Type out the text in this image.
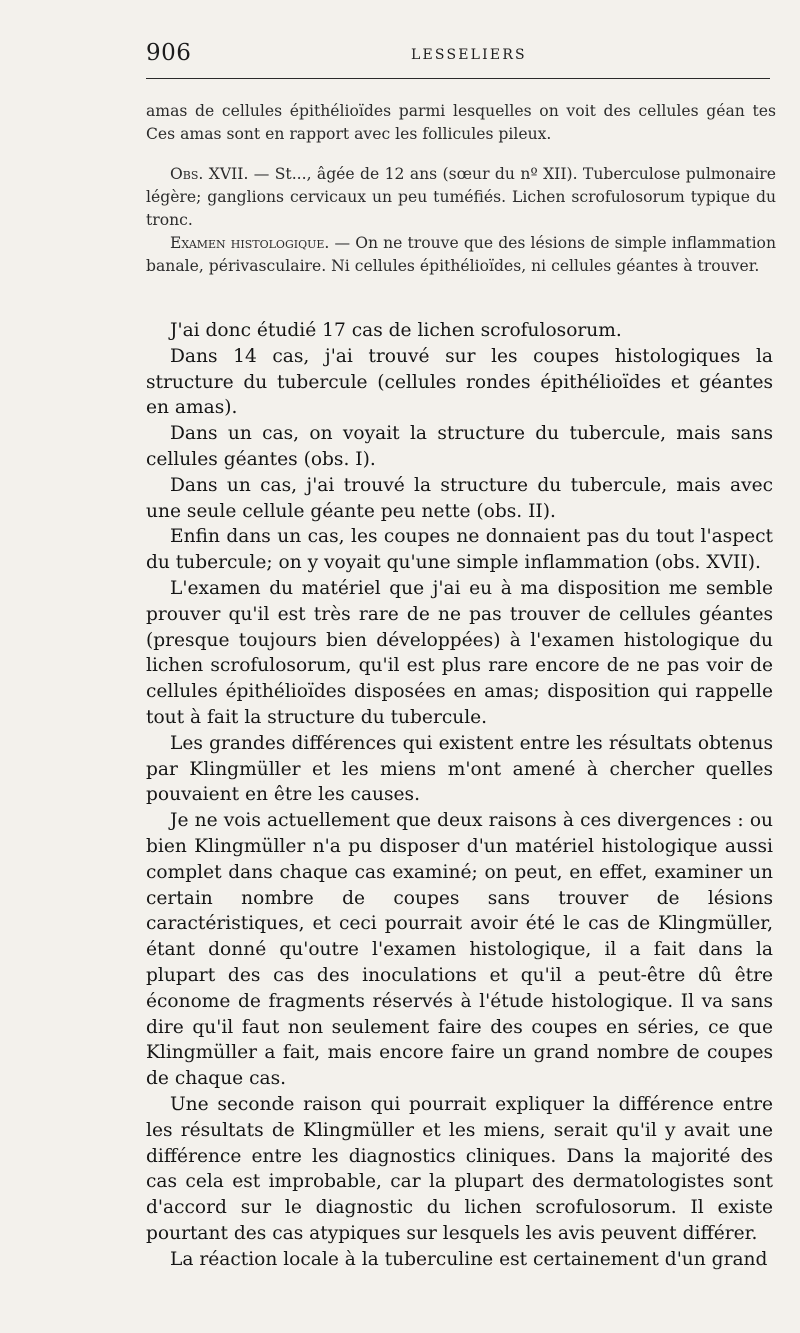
906	LESSELIERS

amas de cellules épithélioïdes parmi lesquelles on voit des cellules géan tes Ces amas sont en rapport avec les follicules pileux.

Obs. XVII. — St..., âgée de 12 ans (sœur du nº XII). Tuberculose pulmonaire légère; ganglions cervicaux un peu tuméfiés. Lichen scrofulosorum typique du tronc.

Examen histologique. — On ne trouve que des lésions de simple inflammation banale, périvasculaire. Ni cellules épithélioïdes, ni cellules géantes à trouver.

J'ai donc étudié 17 cas de lichen scrofulosorum.

Dans 14 cas, j'ai trouvé sur les coupes histologiques la structure du tubercule (cellules rondes épithélioïdes et géantes en amas).

Dans un cas, on voyait la structure du tubercule, mais sans cellules géantes (obs. I).

Dans un cas, j'ai trouvé la structure du tubercule, mais avec une seule cellule géante peu nette (obs. II).

Enfin dans un cas, les coupes ne donnaient pas du tout l'aspect du tubercule; on y voyait qu'une simple inflammation (obs. XVII).

L'examen du matériel que j'ai eu à ma disposition me semble prouver qu'il est très rare de ne pas trouver de cellules géantes (presque toujours bien développées) à l'examen histologique du lichen scrofulosorum, qu'il est plus rare encore de ne pas voir de cellules épithélioïdes disposées en amas; disposition qui rappelle tout à fait la structure du tubercule.

Les grandes différences qui existent entre les résultats obtenus par Klingmüller et les miens m'ont amené à chercher quelles pouvaient en être les causes.

Je ne vois actuellement que deux raisons à ces divergences : ou bien Klingmüller n'a pu disposer d'un matériel histologique aussi complet dans chaque cas examiné; on peut, en effet, examiner un certain nombre de coupes sans trouver de lésions caractéristiques, et ceci pourrait avoir été le cas de Klingmüller, étant donné qu'outre l'examen histologique, il a fait dans la plupart des cas des inoculations et qu'il a peut-être dû être économe de fragments réservés à l'étude histologique. Il va sans dire qu'il faut non seulement faire des coupes en séries, ce que Klingmüller a fait, mais encore faire un grand nombre de coupes de chaque cas.

Une seconde raison qui pourrait expliquer la différence entre les résultats de Klingmüller et les miens, serait qu'il y avait une différence entre les diagnostics cliniques. Dans la majorité des cas cela est improbable, car la plupart des dermatologistes sont d'accord sur le diagnostic du lichen scrofulosorum. Il existe pourtant des cas atypiques sur lesquels les avis peuvent différer.

La réaction locale à la tuberculine est certainement d'un grand
